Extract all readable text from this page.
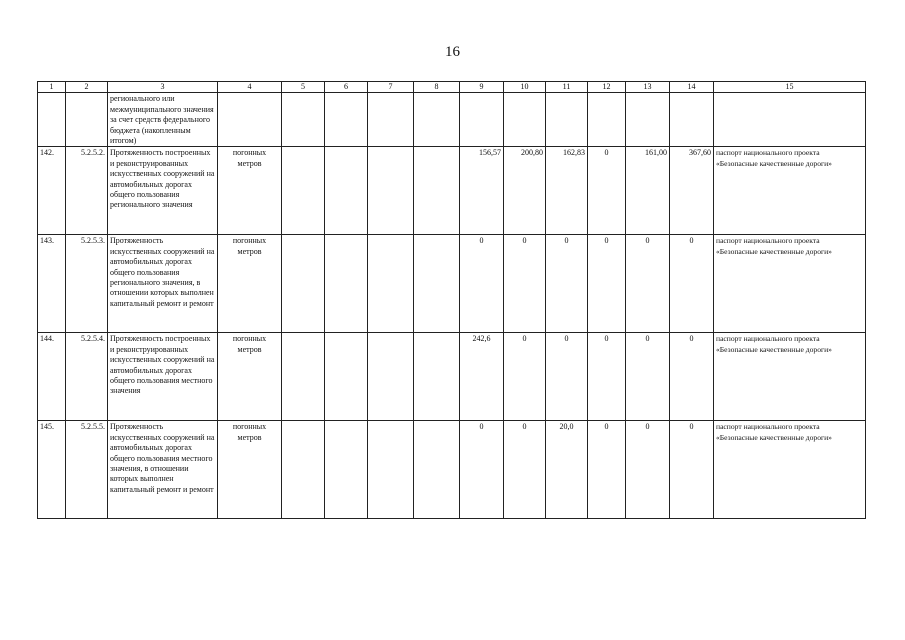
16
1	2	3	4	5	6	7	8	9	10	11	12	13	14	15
		регионального или межмуниципального значения за счет средств федерального бюджета (накопленным итогом)												
142.	5.2.5.2.	Протяженность построенных и реконструированных искусственных сооружений на автомобильных дорогах общего пользования регионального значения	погонных метров					156,57	200,80	162,83	0	161,00	367,60	паспорт национального проекта «Безопасные качественные дороги»
143.	5.2.5.3.	Протяженность искусственных сооружений на автомобильных дорогах общего пользования регионального значения, в отношении которых выполнен капитальный ремонт и ремонт	погонных метров					0	0	0	0	0	0	паспорт национального проекта «Безопасные качественные дороги»
144.	5.2.5.4.	Протяженность построенных и реконструированных искусственных сооружений на автомобильных дорогах общего пользования местного значения	погонных метров					242,6	0	0	0	0	0	паспорт национального проекта «Безопасные качественные дороги»
145.	5.2.5.5.	Протяженность искусственных сооружений на автомобильных дорогах общего пользования местного значения, в отношении которых выполнен капитальный ремонт и ремонт	погонных метров					0	0	20,0	0	0	0	паспорт национального проекта «Безопасные качественные дороги»
